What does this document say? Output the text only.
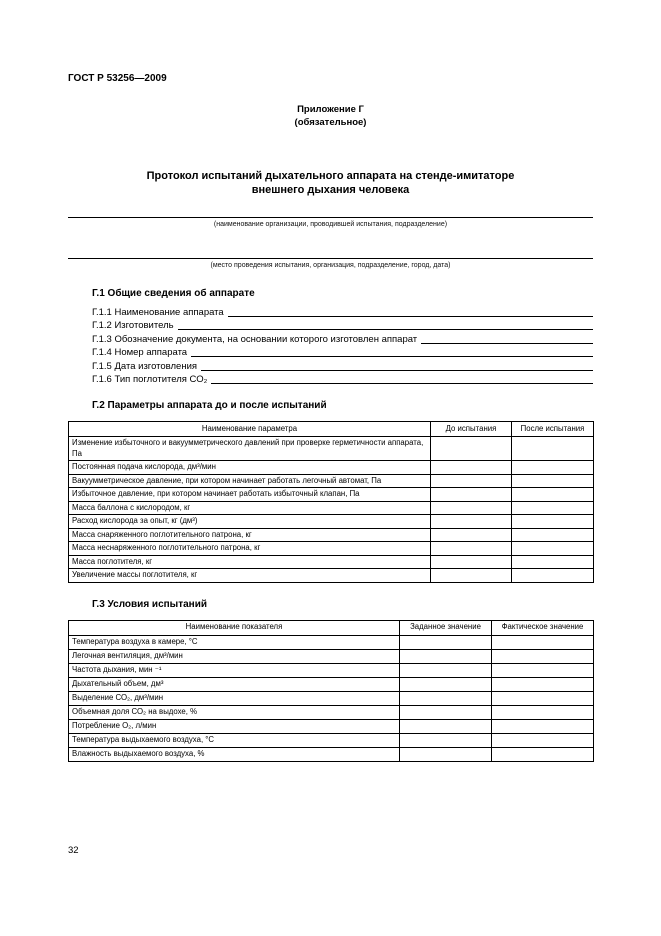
ГОСТ Р 53256—2009
Приложение Г
(обязательное)
Протокол испытаний дыхательного аппарата на стенде-имитаторе
внешнего дыхания человека
(наименование организации, проводившей испытания, подразделение)
(место проведения испытания, организация, подразделение, город, дата)
Г.1 Общие сведения об аппарате
Г.1.1 Наименование аппарата
Г.1.2 Изготовитель
Г.1.3 Обозначение документа, на основании которого изготовлен аппарат
Г.1.4 Номер аппарата
Г.1.5 Дата изготовления
Г.1.6 Тип поглотителя СО₂
Г.2 Параметры аппарата до и после испытаний
Наименование параметра	До испытания	После испытания
Изменение избыточного и вакуумметрического давлений при проверке герметичности аппарата, Па		
Постоянная подача кислорода, дм³/мин		
Вакуумметрическое давление, при котором начинает работать легочный автомат, Па		
Избыточное давление, при котором начинает работать избыточный клапан, Па		
Масса баллона с кислородом, кг		
Расход кислорода за опыт, кг (дм³)		
Масса снаряженного поглотительного патрона, кг		
Масса неснаряженного поглотительного патрона, кг		
Масса поглотителя, кг		
Увеличение массы поглотителя, кг		
Г.3 Условия испытаний
Наименование показателя	Заданное значение	Фактическое значение
Температура воздуха в камере, °С		
Легочная вентиляция, дм³/мин		
Частота дыхания, мин ⁻¹		
Дыхательный объем, дм³		
Выделение СО₂, дм³/мин		
Объемная доля СО₂ на выдохе, %		
Потребление О₂, л/мин		
Температура выдыхаемого воздуха, °С		
Влажность выдыхаемого воздуха, %		
32
